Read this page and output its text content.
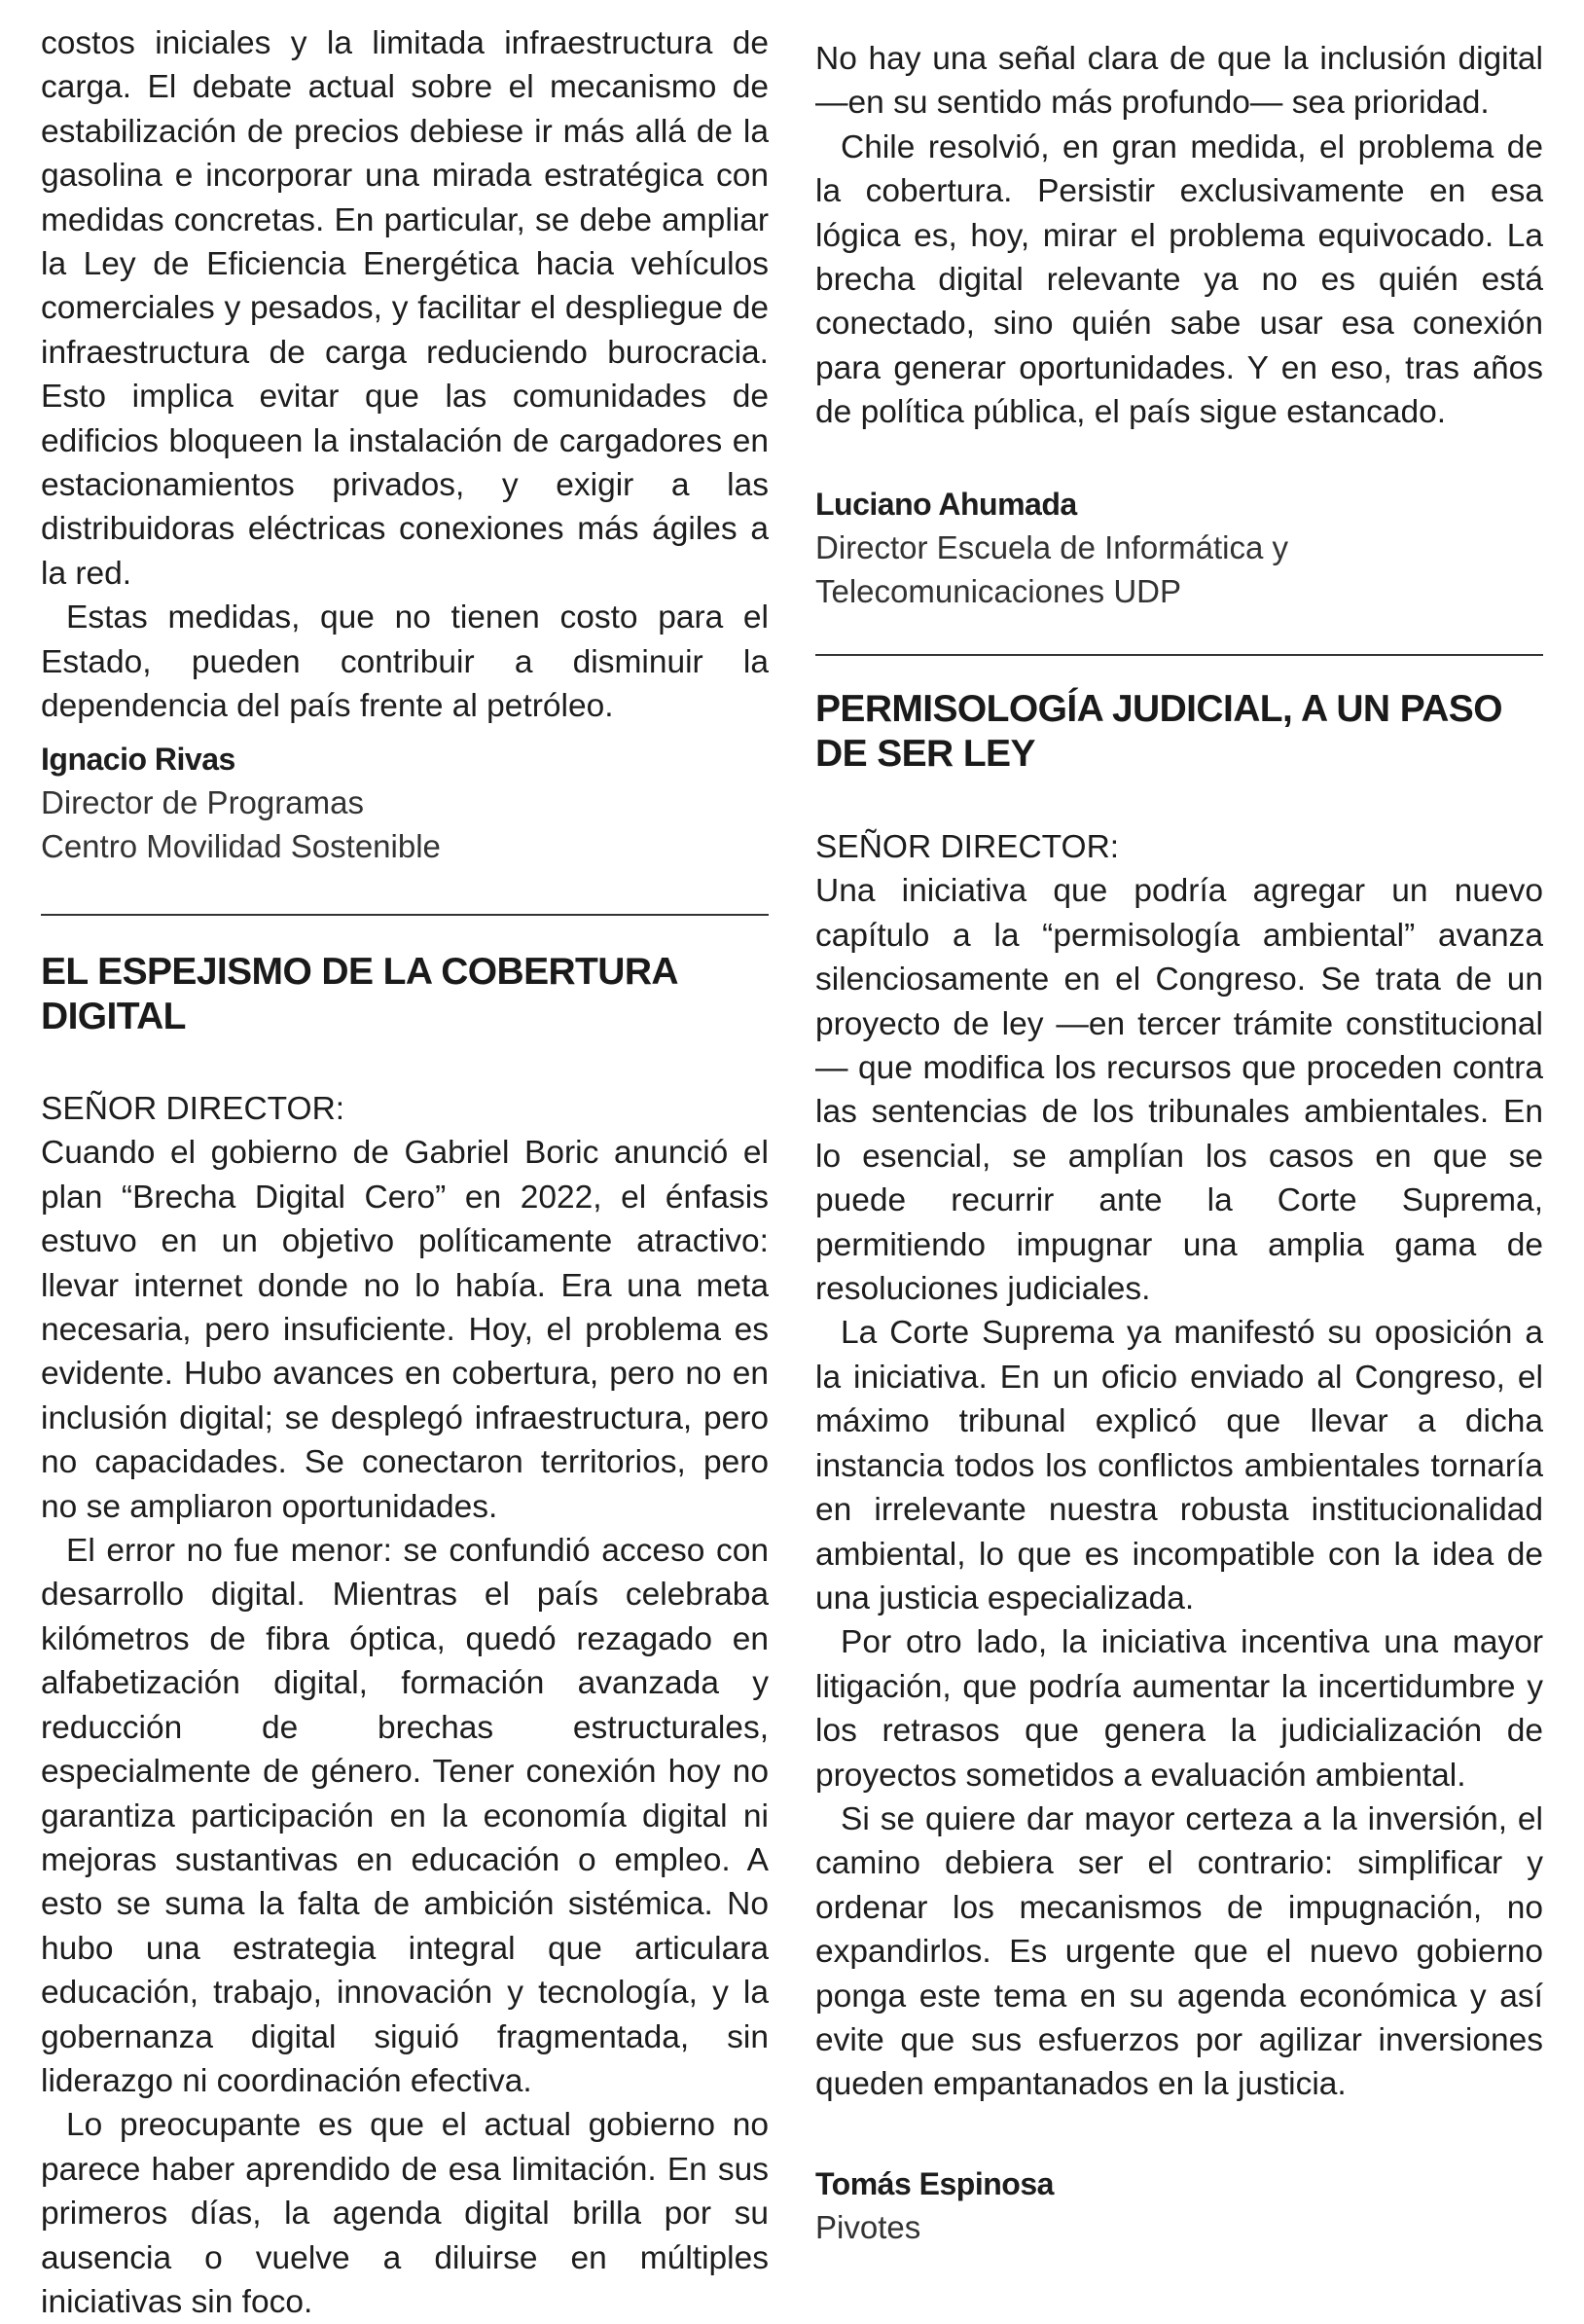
costos iniciales y la limitada infraestructura de carga. El debate actual sobre el mecanismo de estabilización de precios debiese ir más allá de la gasolina e incorporar una mirada estratégica con medidas concretas. En particular, se debe ampliar la Ley de Eficiencia Energética hacia vehículos comerciales y pesados, y facilitar el despliegue de infraestructura de carga reduciendo burocracia. Esto implica evitar que las comunidades de edificios bloqueen la instalación de cargadores en estacionamientos privados, y exigir a las distribuidoras eléctricas conexiones más ágiles a la red.

Estas medidas, que no tienen costo para el Estado, pueden contribuir a disminuir la dependencia del país frente al petróleo.

Ignacio Rivas

Director de Programas

Centro Movilidad Sostenible

EL ESPEJISMO DE LA COBERTURA

DIGITAL

SEÑOR DIRECTOR:

Cuando el gobierno de Gabriel Boric anunció el plan “Brecha Digital Cero” en 2022, el énfasis estuvo en un objetivo políticamente atractivo: llevar internet donde no lo había. Era una meta necesaria, pero insuficiente. Hoy, el problema es evidente. Hubo avances en cobertura, pero no en inclusión digital; se desplegó infraestructura, pero no capacidades. Se conectaron territorios, pero no se ampliaron oportunidades.

El error no fue menor: se confundió acceso con desarrollo digital. Mientras el país celebraba kilómetros de fibra óptica, quedó rezagado en alfabetización digital, formación avanzada y reducción de brechas estructurales, especialmente de género. Tener conexión hoy no garantiza participación en la economía digital ni mejoras sustantivas en educación o empleo. A esto se suma la falta de ambición sistémica. No hubo una estrategia integral que articulara educación, trabajo, innovación y tecnología, y la gobernanza digital siguió fragmentada, sin liderazgo ni coordinación efectiva.

Lo preocupante es que el actual gobierno no parece haber aprendido de esa limitación. En sus primeros días, la agenda digital brilla por su ausencia o vuelve a diluirse en múltiples iniciativas sin foco.

No hay una señal clara de que la inclusión digital —en su sentido más profundo— sea prioridad.

Chile resolvió, en gran medida, el problema de la cobertura. Persistir exclusivamente en esa lógica es, hoy, mirar el problema equivocado. La brecha digital relevante ya no es quién está conectado, sino quién sabe usar esa conexión para generar oportunidades. Y en eso, tras años de política pública, el país sigue estancado.

Luciano Ahumada

Director Escuela de Informática y Telecomunicaciones UDP

PERMISOLOGÍA JUDICIAL, A UN PASO

DE SER LEY

SEÑOR DIRECTOR:

Una iniciativa que podría agregar un nuevo capítulo a la “permisología ambiental” avanza silenciosamente en el Congreso. Se trata de un proyecto de ley —en tercer trámite constitucional— que modifica los recursos que proceden contra las sentencias de los tribunales ambientales. En lo esencial, se amplían los casos en que se puede recurrir ante la Corte Suprema, permitiendo impugnar una amplia gama de resoluciones judiciales.

La Corte Suprema ya manifestó su oposición a la iniciativa. En un oficio enviado al Congreso, el máximo tribunal explicó que llevar a dicha instancia todos los conflictos ambientales tornaría en irrelevante nuestra robusta institucionalidad ambiental, lo que es incompatible con la idea de una justicia especializada.

Por otro lado, la iniciativa incentiva una mayor litigación, que podría aumentar la incertidumbre y los retrasos que genera la judicialización de proyectos sometidos a evaluación ambiental.

Si se quiere dar mayor certeza a la inversión, el camino debiera ser el contrario: simplificar y ordenar los mecanismos de impugnación, no expandirlos. Es urgente que el nuevo gobierno ponga este tema en su agenda económica y así evite que sus esfuerzos por agilizar inversiones queden empantanados en la justicia.

Tomás Espinosa

Pivotes
